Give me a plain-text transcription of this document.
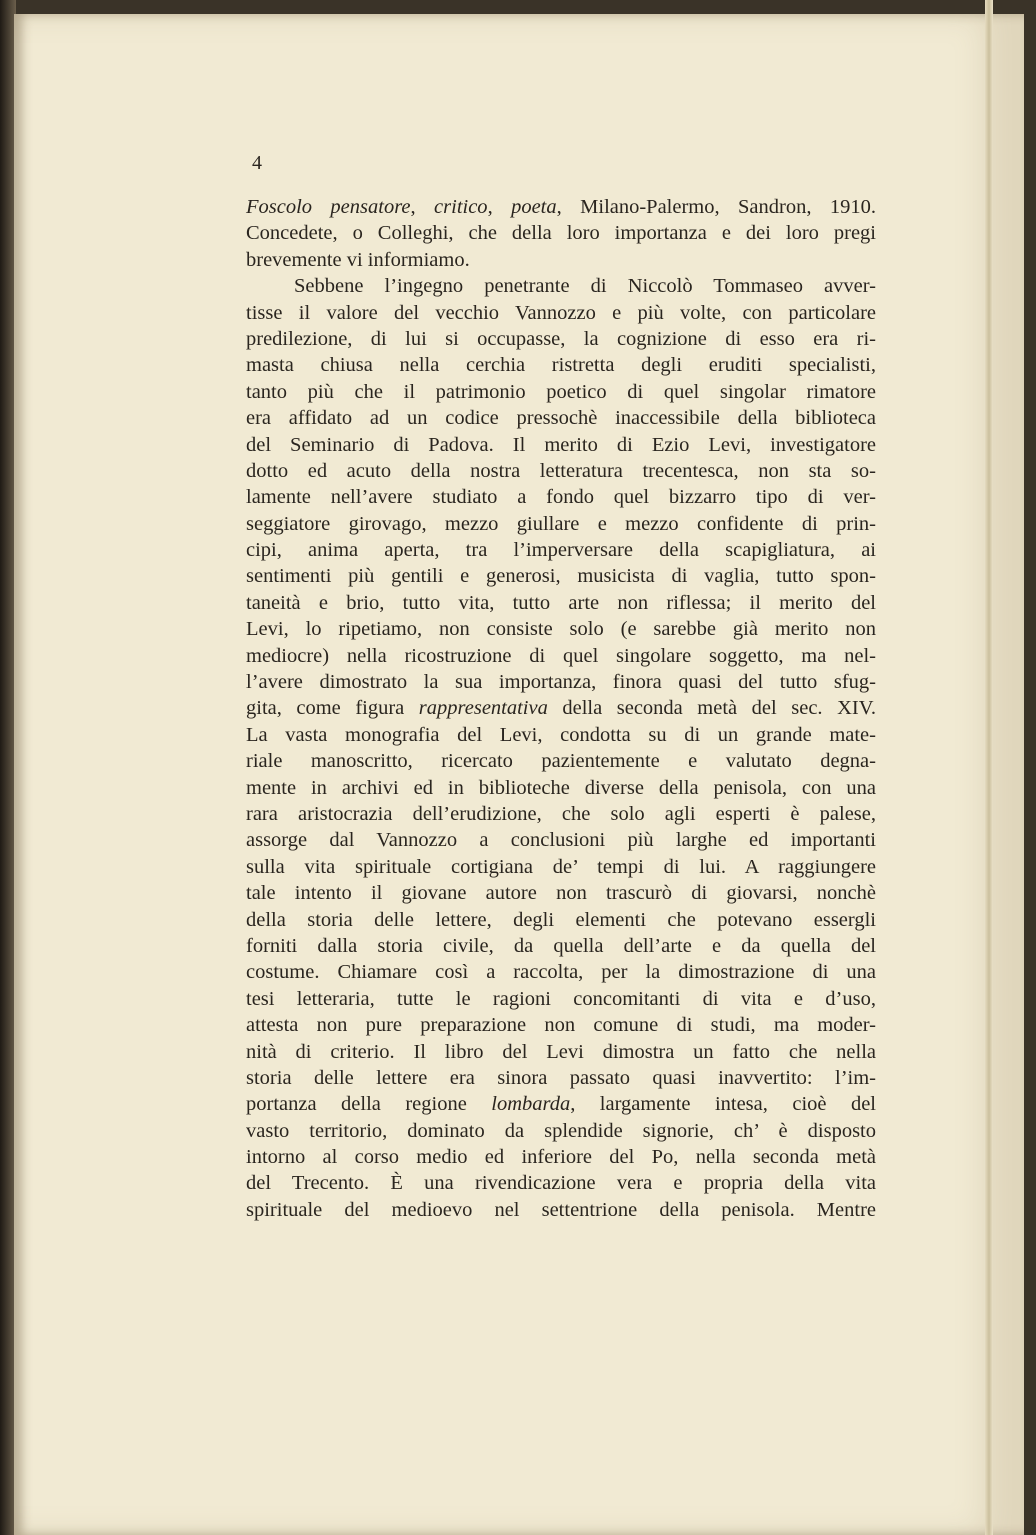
4
Foscolo pensatore, critico, poeta, Milano-Palermo, Sandron, 1910.
Concedete, o Colleghi, che della loro importanza e dei loro pregi
brevemente vi informiamo.
Sebbene l’ingegno penetrante di Niccolò Tommaseo avver-
tisse il valore del vecchio Vannozzo e più volte, con particolare
predilezione, di lui si occupasse, la cognizione di esso era ri-
masta chiusa nella cerchia ristretta degli eruditi specialisti,
tanto più che il patrimonio poetico di quel singolar rimatore
era affidato ad un codice pressochè inaccessibile della biblioteca
del Seminario di Padova. Il merito di Ezio Levi, investigatore
dotto ed acuto della nostra letteratura trecentesca, non sta so-
lamente nell’avere studiato a fondo quel bizzarro tipo di ver-
seggiatore girovago, mezzo giullare e mezzo confidente di prin-
cipi, anima aperta, tra l’imperversare della scapigliatura, ai
sentimenti più gentili e generosi, musicista di vaglia, tutto spon-
taneità e brio, tutto vita, tutto arte non riflessa; il merito del
Levi, lo ripetiamo, non consiste solo (e sarebbe già merito non
mediocre) nella ricostruzione di quel singolare soggetto, ma nel-
l’avere dimostrato la sua importanza, finora quasi del tutto sfug-
gita, come figura rappresentativa della seconda metà del sec. XIV.
La vasta monografia del Levi, condotta su di un grande mate-
riale manoscritto, ricercato pazientemente e valutato degna-
mente in archivi ed in biblioteche diverse della penisola, con una
rara aristocrazia dell’erudizione, che solo agli esperti è palese,
assorge dal Vannozzo a conclusioni più larghe ed importanti
sulla vita spirituale cortigiana de’ tempi di lui. A raggiungere
tale intento il giovane autore non trascurò di giovarsi, nonchè
della storia delle lettere, degli elementi che potevano essergli
forniti dalla storia civile, da quella dell’arte e da quella del
costume. Chiamare così a raccolta, per la dimostrazione di una
tesi letteraria, tutte le ragioni concomitanti di vita e d’uso,
attesta non pure preparazione non comune di studi, ma moder-
nità di criterio. Il libro del Levi dimostra un fatto che nella
storia delle lettere era sinora passato quasi inavvertito: l’im-
portanza della regione lombarda, largamente intesa, cioè del
vasto territorio, dominato da splendide signorie, ch’ è disposto
intorno al corso medio ed inferiore del Po, nella seconda metà
del Trecento. È una rivendicazione vera e propria della vita
spirituale del medioevo nel settentrione della penisola. Mentre
